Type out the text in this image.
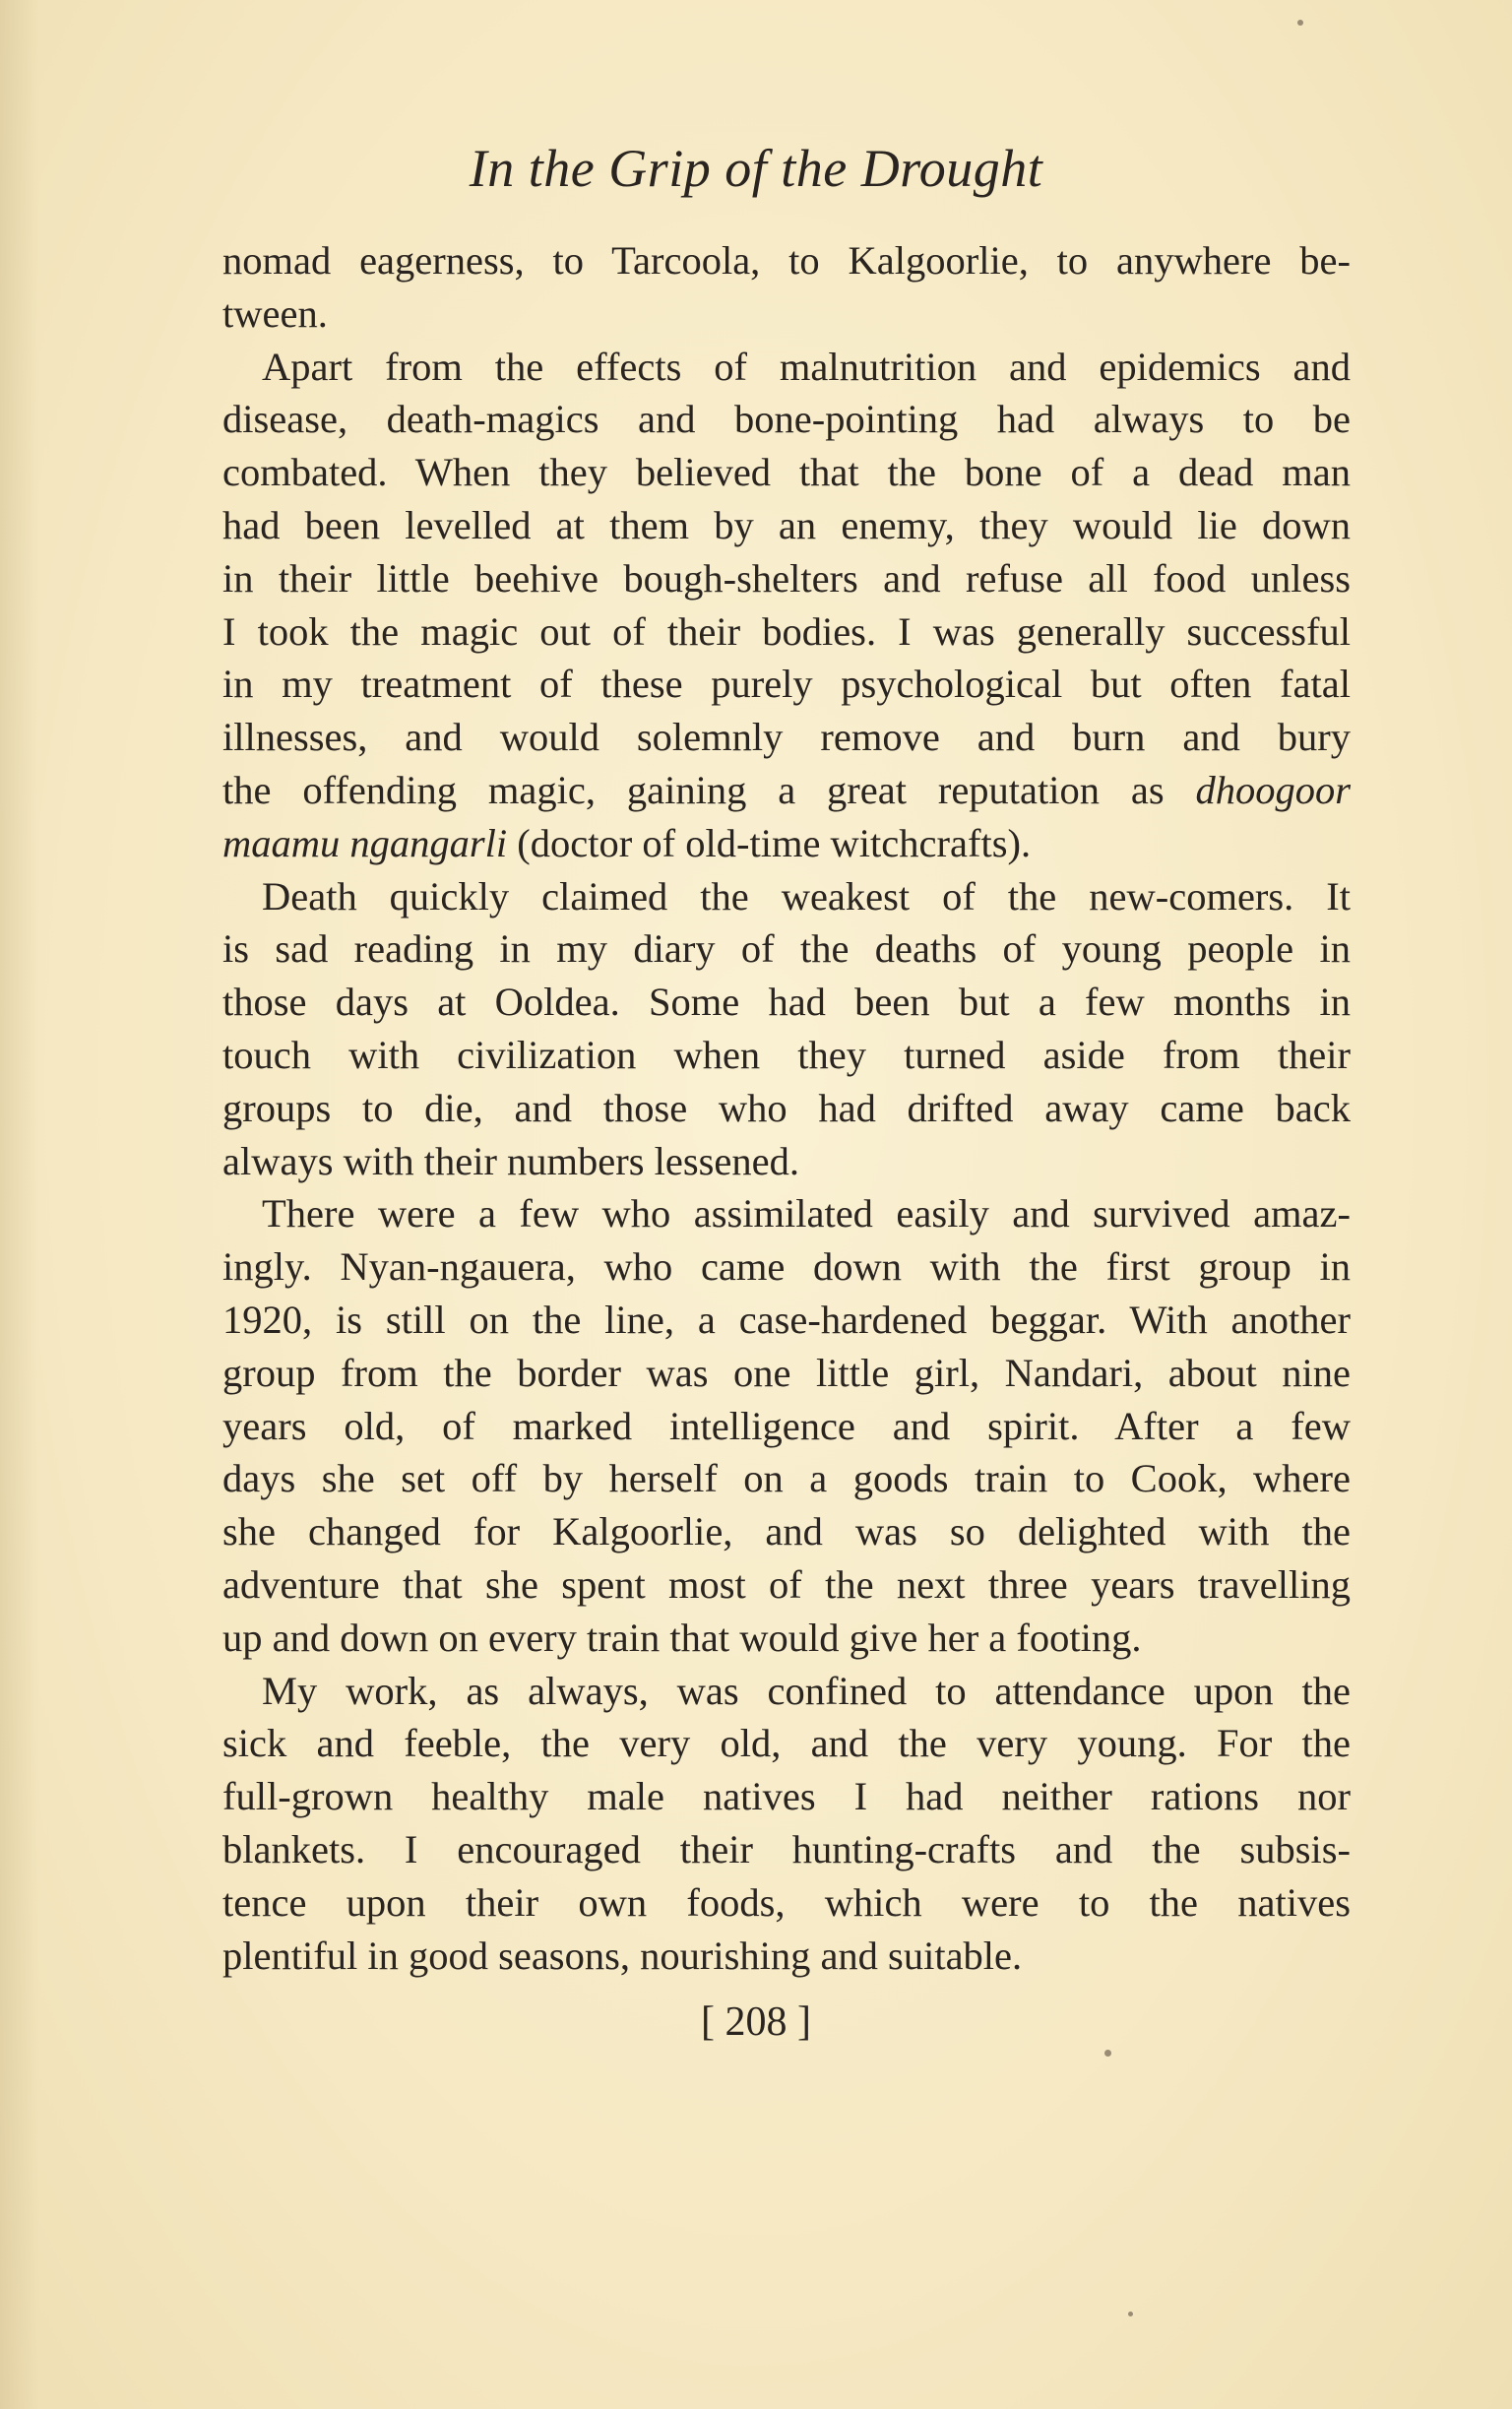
In the Grip of the Drought
nomad eagerness, to Tarcoola, to Kalgoorlie, to anywhere be-
tween.
Apart from the effects of malnutrition and epidemics and
disease, death-magics and bone-pointing had always to be
combated. When they believed that the bone of a dead man
had been levelled at them by an enemy, they would lie down
in their little beehive bough-shelters and refuse all food unless
I took the magic out of their bodies. I was generally successful
in my treatment of these purely psychological but often fatal
illnesses, and would solemnly remove and burn and bury
the offending magic, gaining a great reputation as dhoogoor
maamu ngangarli (doctor of old-time witchcrafts).
Death quickly claimed the weakest of the new-comers. It
is sad reading in my diary of the deaths of young people in
those days at Ooldea. Some had been but a few months in
touch with civilization when they turned aside from their
groups to die, and those who had drifted away came back
always with their numbers lessened.
There were a few who assimilated easily and survived amaz-
ingly. Nyan-ngauera, who came down with the first group in
1920, is still on the line, a case-hardened beggar. With another
group from the border was one little girl, Nandari, about nine
years old, of marked intelligence and spirit. After a few
days she set off by herself on a goods train to Cook, where
she changed for Kalgoorlie, and was so delighted with the
adventure that she spent most of the next three years travelling
up and down on every train that would give her a footing.
My work, as always, was confined to attendance upon the
sick and feeble, the very old, and the very young. For the
full-grown healthy male natives I had neither rations nor
blankets. I encouraged their hunting-crafts and the subsis-
tence upon their own foods, which were to the natives
plentiful in good seasons, nourishing and suitable.
[ 208 ]
